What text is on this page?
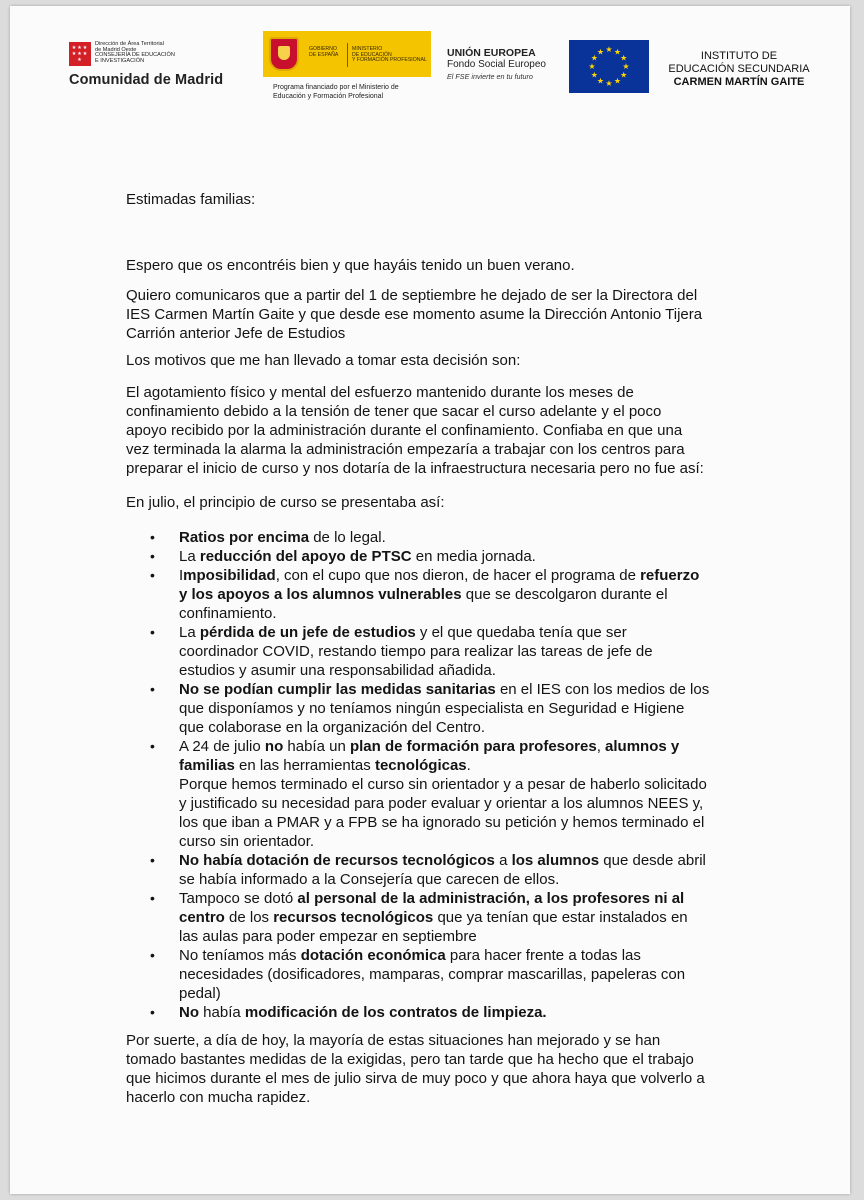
★★★
★★★
★
Dirección de Área Territorial
de Madrid Oeste
CONSEJERÍA DE EDUCACIÓN
E INVESTIGACIÓN
Comunidad de Madrid
GOBIERNO
DE ESPAÑA
MINISTERIO
DE EDUCACIÓN
Y FORMACIÓN PROFESIONAL
Programa financiado por el Ministerio de
Educación y Formación Profesional
UNIÓN EUROPEA
Fondo Social Europeo
El FSE invierte en tu futuro
★ ★
★
★
★
★
★
★
★
★
★
★	INSTITUTO DE
EDUCACIÓN SECUNDARIA
CARMEN MARTÍN GAITE

Estimadas familias:

Espero que os encontréis bien y que hayáis tenido un buen verano.

Quiero comunicaros que a partir del 1 de septiembre he dejado de ser la Directora del
IES Carmen Martín Gaite y que desde ese momento asume la Dirección Antonio Tijera
Carrión anterior Jefe de Estudios

Los motivos que me han llevado a tomar esta decisión son:

El agotamiento físico y mental del esfuerzo mantenido durante los meses de
confinamiento debido a la tensión de tener que sacar el curso adelante y el poco
apoyo recibido por la administración durante el confinamiento. Confiaba en que una
vez terminada la alarma la administración empezaría a trabajar con los centros para
preparar el inicio de curso y nos dotaría de la infraestructura necesaria pero no fue así:

En julio, el principio de curso se presentaba así:

• Ratios por encima de lo legal.
• La reducción del apoyo de PTSC en media jornada.
• Imposibilidad, con el cupo que nos dieron, de hacer el programa de refuerzo
y los apoyos a los alumnos vulnerables que se descolgaron durante el
confinamiento.
• La pérdida de un jefe de estudios y el que quedaba tenía que ser
coordinador COVID, restando tiempo para realizar las tareas de jefe de
estudios y asumir una responsabilidad añadida.
• No se podían cumplir las medidas sanitarias en el IES con los medios de los
que disponíamos y no teníamos ningún especialista en Seguridad e Higiene
que colaborase en la organización del Centro.
• A 24 de julio no había un plan de formación para profesores, alumnos y
familias en las herramientas tecnológicas.
Porque hemos terminado el curso sin orientador y a pesar de haberlo solicitado
y justificado su necesidad para poder evaluar y orientar a los alumnos NEES y,
los que iban a PMAR y a FPB se ha ignorado su petición y hemos terminado el
curso sin orientador.
• No había dotación de recursos tecnológicos a los alumnos que desde abril
se había informado a la Consejería que carecen de ellos.
• Tampoco se dotó al personal de la administración, a los profesores ni al
centro de los recursos tecnológicos que ya tenían que estar instalados en
las aulas para poder empezar en septiembre
• No teníamos más dotación económica para hacer frente a todas las
necesidades (dosificadores, mamparas, comprar mascarillas, papeleras con
pedal)
• No había modificación de los contratos de limpieza.

Por suerte, a día de hoy, la mayoría de estas situaciones han mejorado y se han
tomado bastantes medidas de la exigidas, pero tan tarde que ha hecho que el trabajo
que hicimos durante el mes de julio sirva de muy poco y que ahora haya que volverlo a
hacerlo con mucha rapidez.
